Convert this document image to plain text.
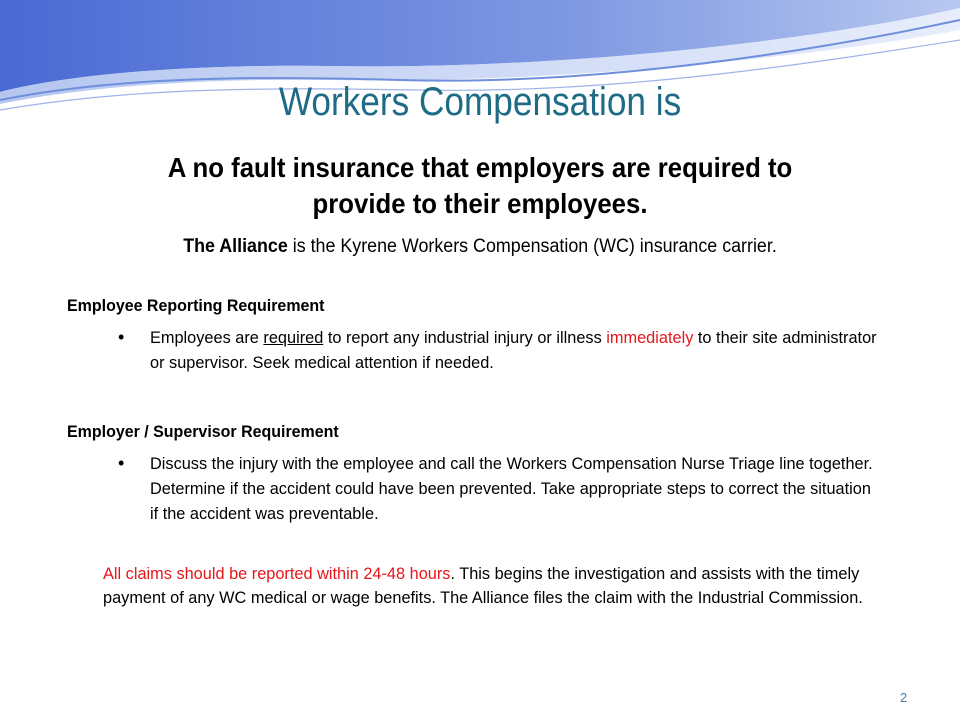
Workers Compensation is
A no fault insurance that employers are required to provide to their employees.
The Alliance is the Kyrene Workers Compensation (WC) insurance carrier.
Employee Reporting Requirement
• Employees are required to report any industrial injury or illness immediately to their site administrator or supervisor. Seek medical attention if needed.
Employer / Supervisor Requirement
• Discuss the injury with the employee and call the Workers Compensation Nurse Triage line together. Determine if the accident could have been prevented. Take appropriate steps to correct the situation if the accident was preventable.
All claims should be reported within 24-48 hours. This begins the investigation and assists with the timely payment of any WC medical or wage benefits. The Alliance files the claim with the Industrial Commission.
2
